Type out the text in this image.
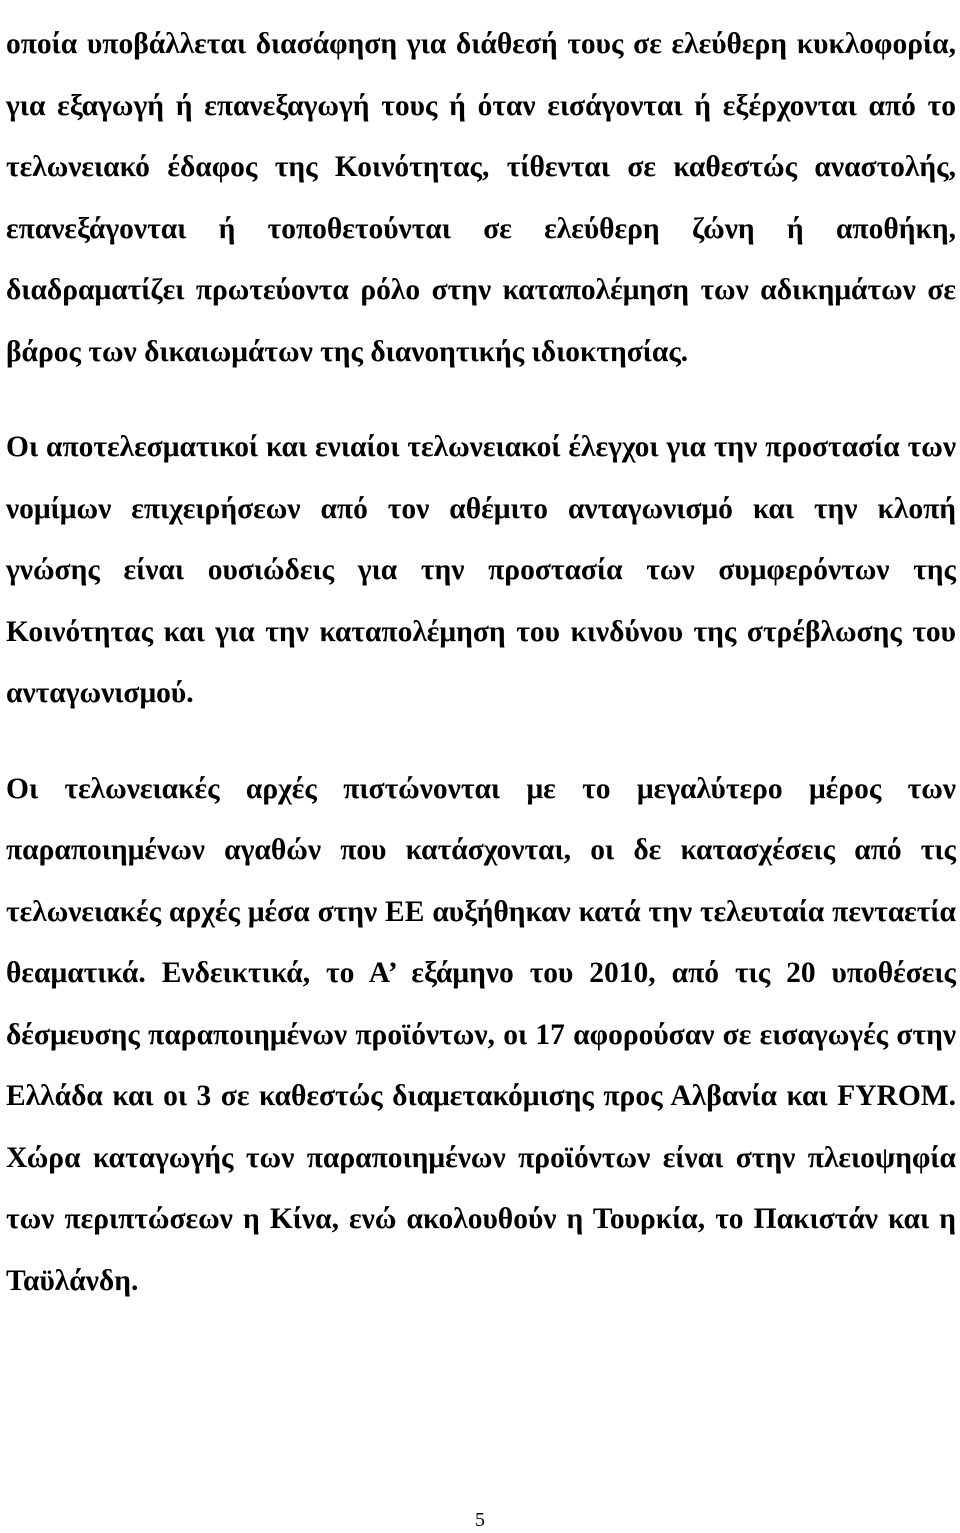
οποία υποβάλλεται διασάφηση για διάθεσή τους σε ελεύθερη κυκλοφορία, για εξαγωγή ή επανεξαγωγή τους ή όταν εισάγονται ή εξέρχονται από το τελωνειακό έδαφος της Κοινότητας, τίθενται σε καθεστώς αναστολής, επανεξάγονται ή τοποθετούνται σε ελεύθερη ζώνη ή αποθήκη, διαδραματίζει πρωτεύοντα ρόλο στην καταπολέμηση των αδικημάτων σε βάρος των δικαιωμάτων της διανοητικής ιδιοκτησίας.

Οι αποτελεσματικοί και ενιαίοι τελωνειακοί έλεγχοι για την προστασία των νομίμων επιχειρήσεων από τον αθέμιτο ανταγωνισμό και την κλοπή γνώσης είναι ουσιώδεις για την προστασία των συμφερόντων της Κοινότητας και για την καταπολέμηση του κινδύνου της στρέβλωσης του ανταγωνισμού.

Οι τελωνειακές αρχές πιστώνονται με το μεγαλύτερο μέρος των παραποιημένων αγαθών που κατάσχονται, οι δε κατασχέσεις από τις τελωνειακές αρχές μέσα στην ΕΕ αυξήθηκαν κατά την τελευταία πενταετία θεαματικά. Ενδεικτικά, το Α’ εξάμηνο του 2010, από τις 20 υποθέσεις δέσμευσης παραποιημένων προϊόντων, οι 17 αφορούσαν σε εισαγωγές στην Ελλάδα και οι 3 σε καθεστώς διαμετακόμισης προς Αλβανία και FYROM. Χώρα καταγωγής των παραποιημένων προϊόντων είναι στην πλειοψηφία των περιπτώσεων η Κίνα, ενώ ακολουθούν η Τουρκία, το Πακιστάν και η Ταϋλάνδη.

5
